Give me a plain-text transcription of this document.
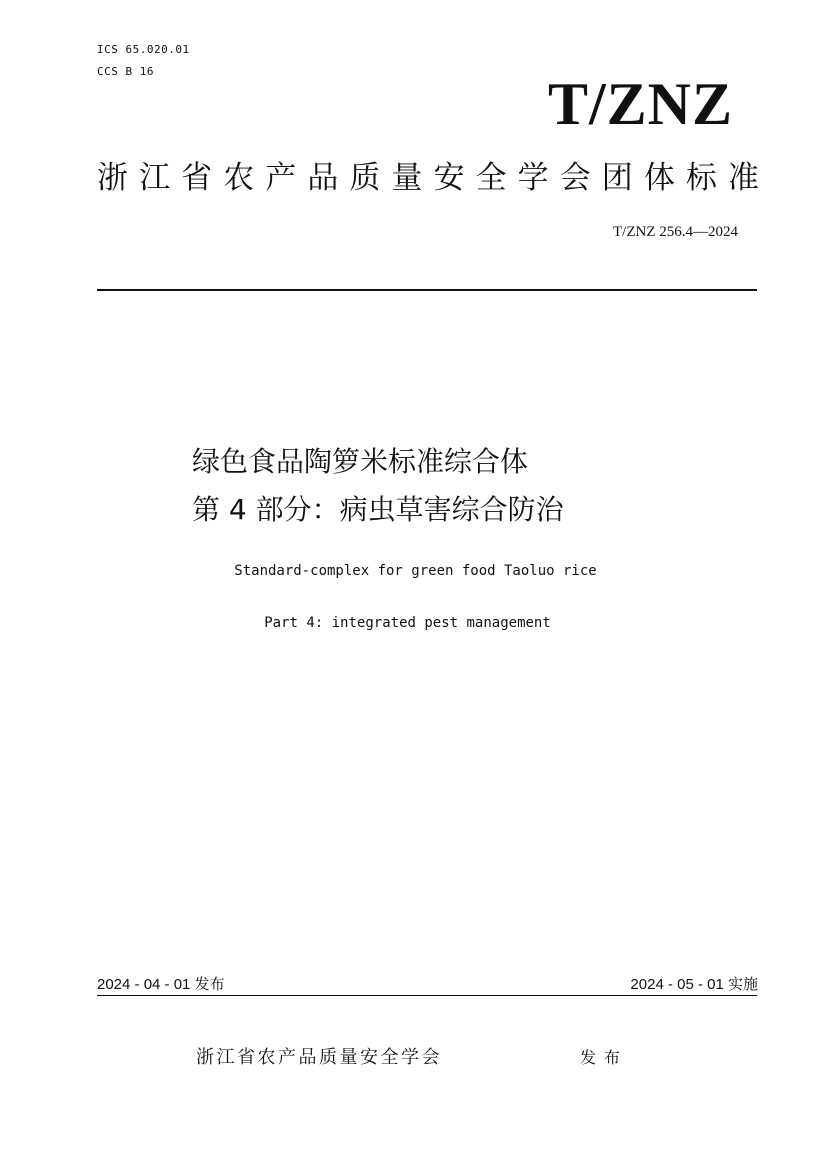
ICS 65.020.01
CCS B 16	T/ZNZ
浙江省农产品质量安全学会团体标准
T/ZNZ 256.4—2024
绿色食品陶箩米标准综合体
第 4 部分：病虫草害综合防治
Standard-complex for green food Taoluo rice
Part 4: integrated pest management
2024 - 04 - 01 发布	2024 - 05 - 01 实施
浙江省农产品质量安全学会	发布
